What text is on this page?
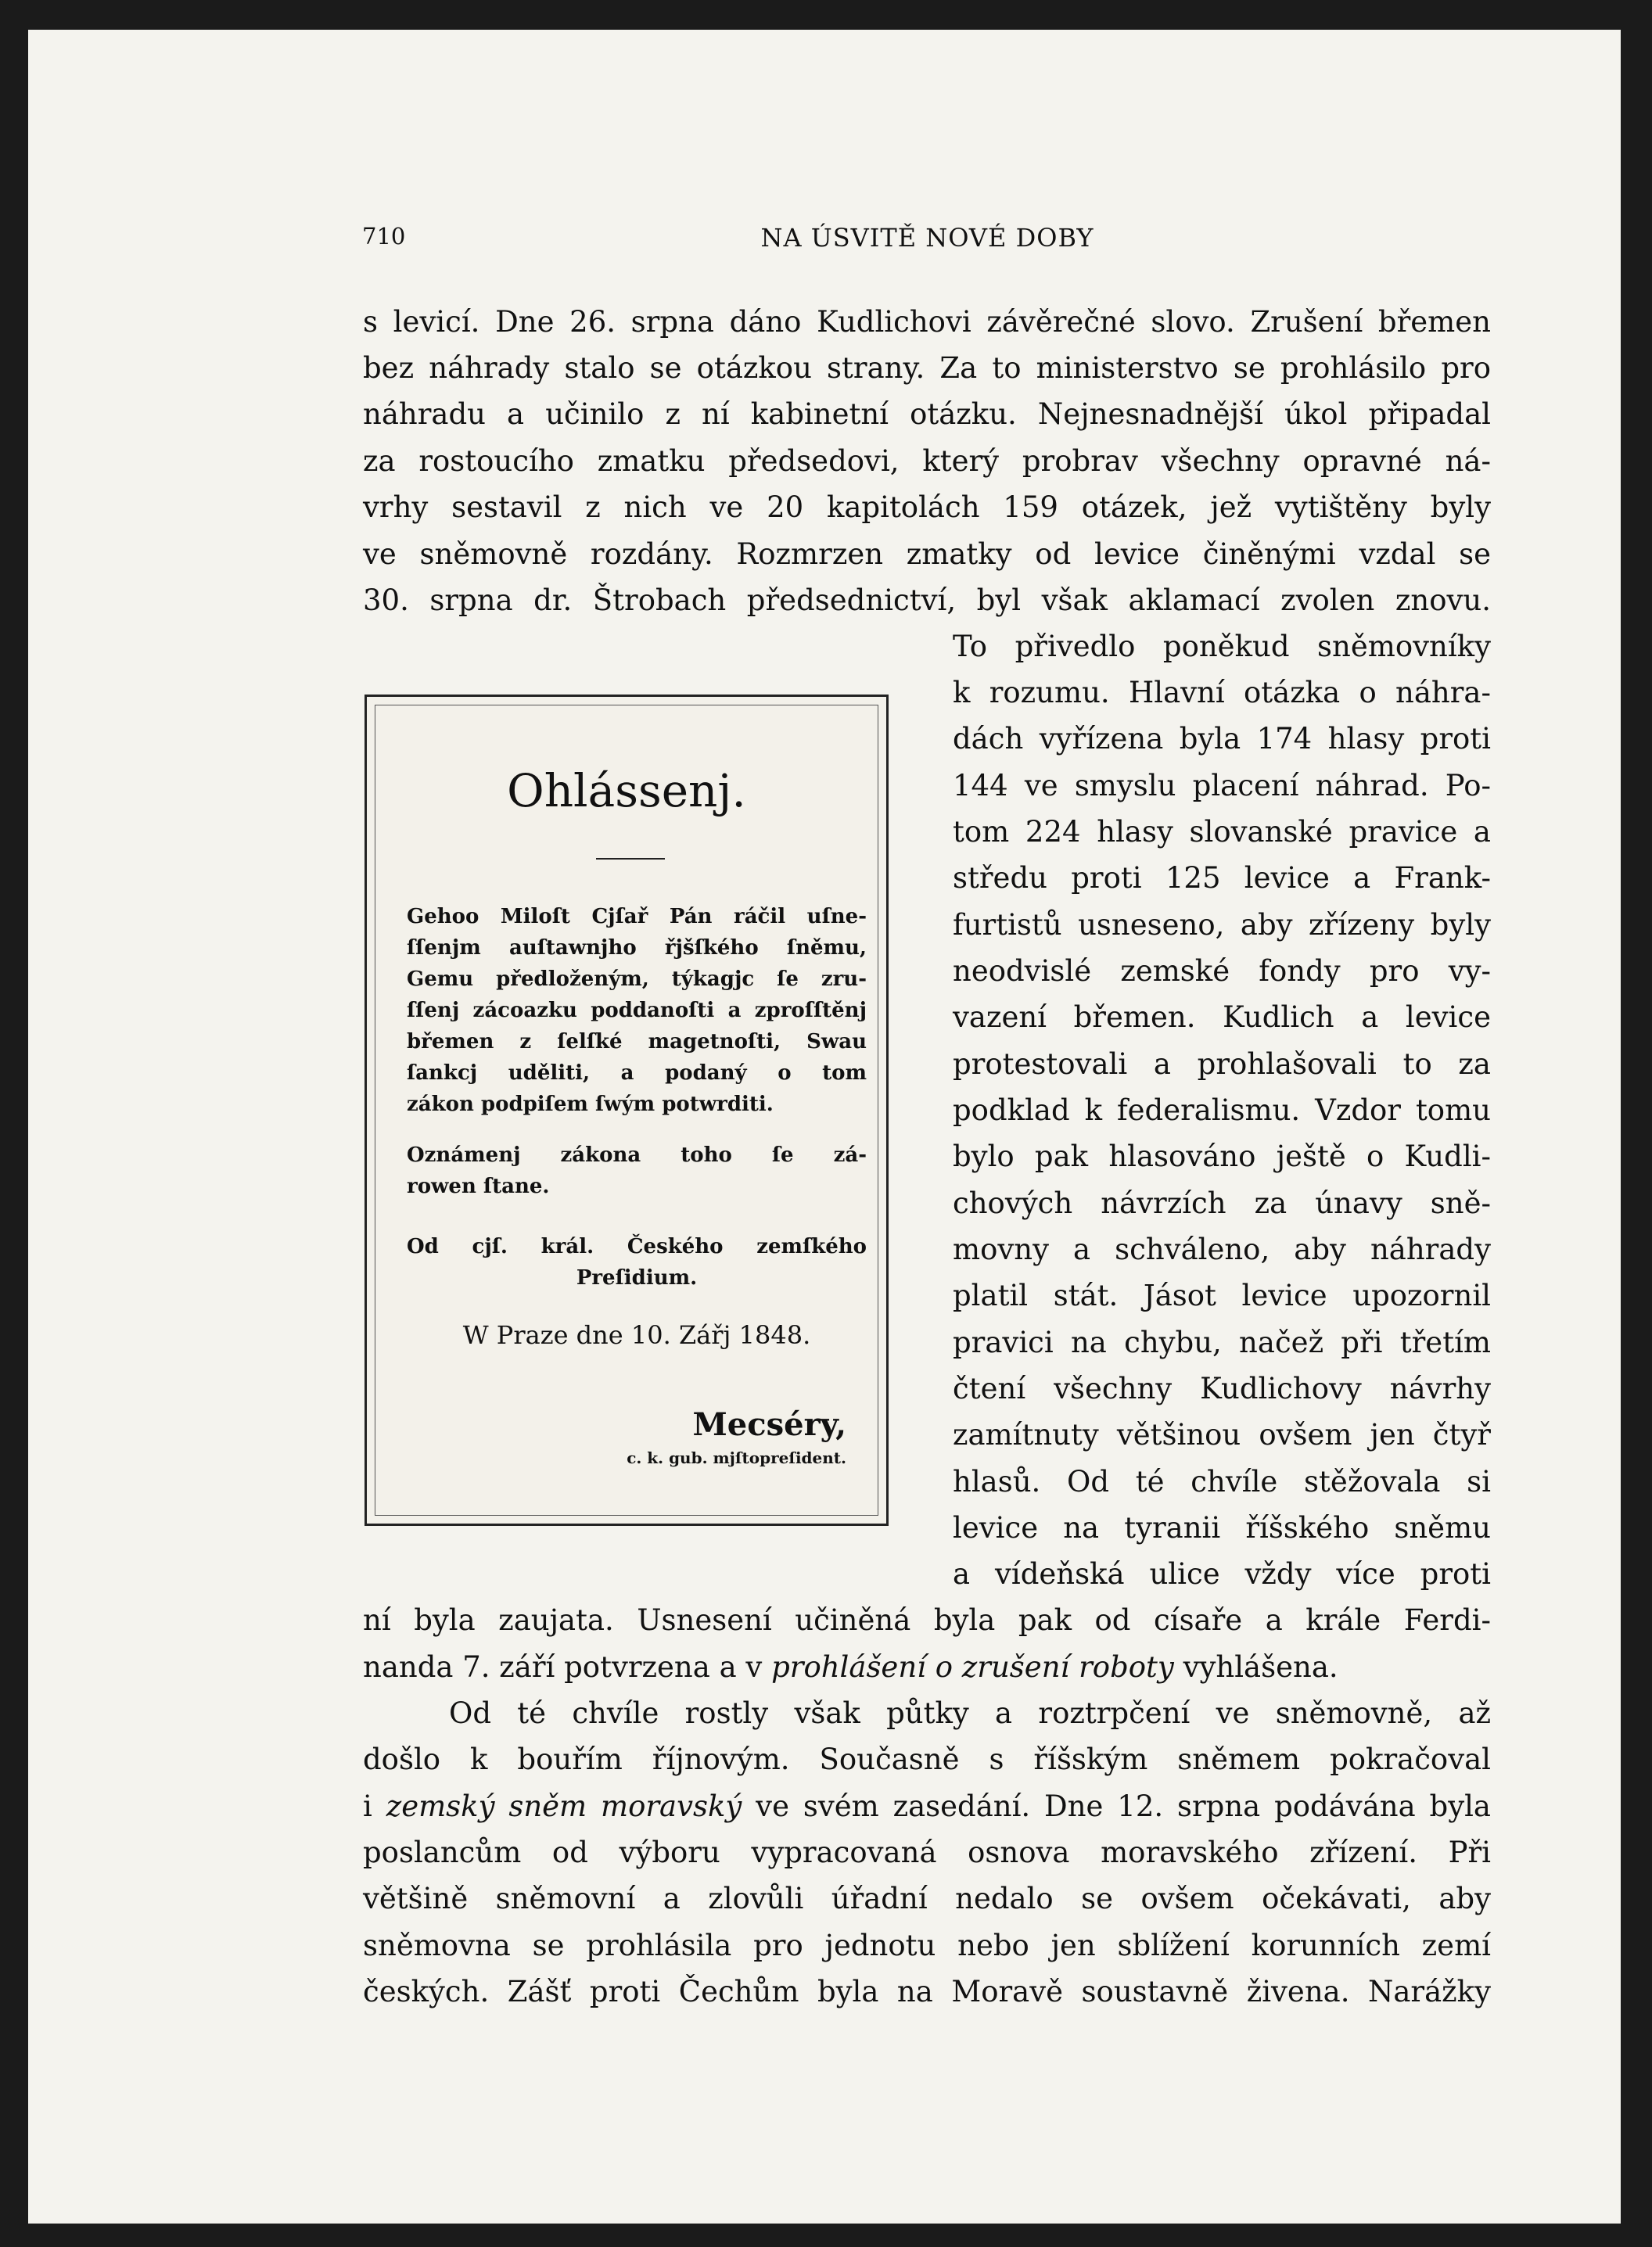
710	NA ÚSVITĚ NOVÉ DOBY
s levicí. Dne 26. srpna dáno Kudlichovi závěrečné slovo. Zrušení břemen
bez náhrady stalo se otázkou strany. Za to ministerstvo se prohlásilo pro
náhradu a učinilo z ní kabinetní otázku. Nejnesnadnější úkol připadal
za rostoucího zmatku předsedovi, který probrav všechny opravné ná-
vrhy sestavil z nich ve 20 kapitolách 159 otázek, jež vytištěny byly
ve sněmovně rozdány. Rozmrzen zmatky od levice činěnými vzdal se
30. srpna dr. Štrobach předsednictví, byl však aklamací zvolen znovu.
To přivedlo poněkud sněmovníky
k rozumu. Hlavní otázka o náhra-
dách vyřízena byla 174 hlasy proti
144 ve smyslu placení náhrad. Po-
tom 224 hlasy slovanské pravice a
středu proti 125 levice a Frank-
furtistů usneseno, aby zřízeny byly
neodvislé zemské fondy pro vy-
vazení břemen. Kudlich a levice
protestovali a prohlašovali to za
podklad k federalismu. Vzdor tomu
bylo pak hlasováno ještě o Kudli-
chových návrzích za únavy sně-
movny a schváleno, aby náhrady
platil stát. Jásot levice upozornil
pravici na chybu, načež při třetím
čtení všechny Kudlichovy návrhy
zamítnuty většinou ovšem jen čtyř
hlasů. Od té chvíle stěžovala si
levice na tyranii říšského sněmu
a vídeňská ulice vždy více proti
ní byla zaujata. Usnesení učiněná byla pak od císaře a krále Ferdi-
nanda 7. září potvrzena a v prohlášení o zrušení roboty vyhlášena.
Od té chvíle rostly však půtky a roztrpčení ve sněmovně, až
došlo k bouřím říjnovým. Současně s říšským sněmem pokračoval
i zemský sněm moravský ve svém zasedání. Dne 12. srpna podávána byla
poslancům od výboru vypracovaná osnova moravského zřízení. Při
většině sněmovní a zlovůli úřadní nedalo se ovšem očekávati, aby
sněmovna se prohlásila pro jednotu nebo jen sblížení korunních zemí
českých. Zášť proti Čechům byla na Moravě soustavně živena. Narážky
Ohlássenj.
Gehoo Miloſt Cjſař Pán ráčil uſne-
ſſenjm auſtawnjho řjšſkého ſněmu,
Gemu předloženým, týkagjc ſe zru-
ſſenj zácoazku poddanoſti a zproſſtěnj
břemen z ſelſké magetnoſti, Swau
ſankcj uděliti, a podaný o tom
zákon podpiſem ſwým potwrditi.
Oznámenj zákona toho ſe zá-
rowen ſtane.
Od cjſ. král. Českého zemſkého
Preſidium.
W Praze dne 10. Zářj 1848.
Mecséry,
c. k. gub. mjſtopreſident.
